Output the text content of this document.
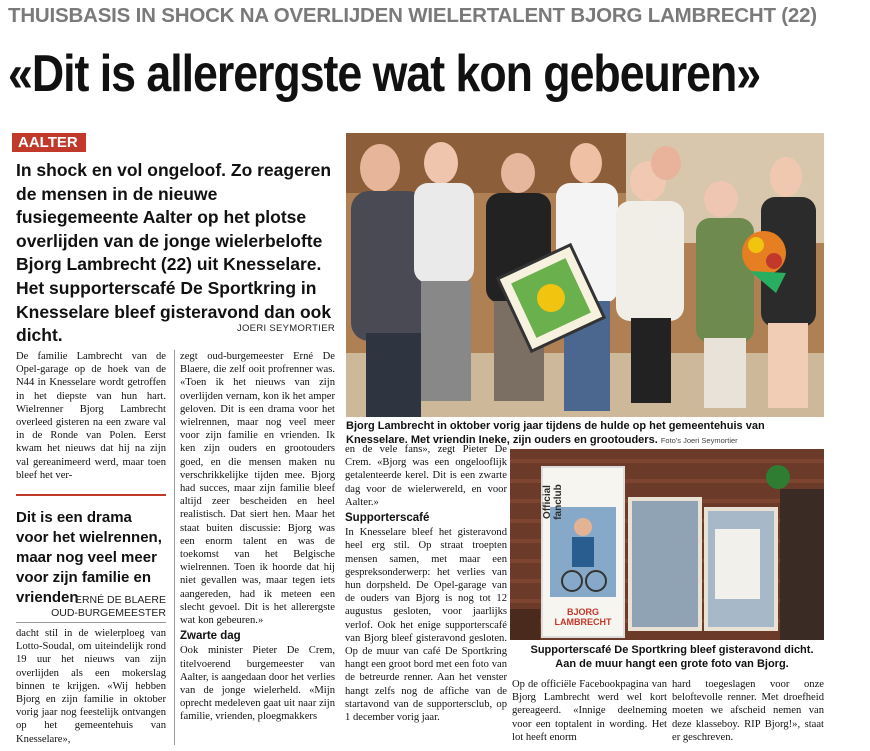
THUISBASIS IN SHOCK NA OVERLIJDEN WIELERTALENT BJORG LAMBRECHT (22)
«Dit is allerergste wat kon gebeuren»
AALTER
In shock en vol ongeloof. Zo reageren de mensen in de nieuwe fusiegemeente Aalter op het plotse overlijden van de jonge wielerbelofte Bjorg Lambrecht (22) uit Knesselare. Het supporterscafé De Sportkring in Knesselare bleef gisteravond dan ook dicht.	JOERI SEYMORTIER
De familie Lambrecht van de Opel-garage op de hoek van de N44 in Knesselare wordt getroffen in het diepste van hun hart. Wielrenner Bjorg Lambrecht overleed gisteren na een zware val in de Ronde van Polen. Eerst kwam het nieuws dat hij na zijn val gereanimeerd werd, maar toen bleef het ver-
Dit is een drama voor het wielrennen, maar nog veel meer voor zijn familie en vrienden
ERNÉ DE BLAERE
OUD-BURGEMEESTER
dacht stil in de wielerploeg van Lotto-Soudal, om uiteindelijk rond 19 uur het nieuws van zijn overlijden als een mokerslag binnen te krijgen. «Wij hebben Bjorg en zijn familie in oktober vorig jaar nog feestelijk ontvangen op het gemeentehuis van Knesselare»,
zegt oud-burgemeester Erné De Blaere, die zelf ooit profrenner was. «Toen ik het nieuws van zijn overlijden vernam, kon ik het amper geloven. Dit is een drama voor het wielrennen, maar nog veel meer voor zijn familie en vrienden. Ik ken zijn ouders en grootouders goed, en die mensen maken nu verschrikkelijke tijden mee. Bjorg had succes, maar zijn familie bleef altijd zeer bescheiden en heel realistisch. Dat siert hen. Maar het staat buiten discussie: Bjorg was een enorm talent en was de toekomst van het Belgische wielrennen. Toen ik hoorde dat hij niet gevallen was, maar tegen iets aangereden, had ik meteen een slecht gevoel. Dit is het allerergste wat kon gebeuren.»
Zwarte dag
Ook minister Pieter De Crem, titelvoerend burgemeester van Aalter, is aangedaan door het verlies van de jonge wielerheld. «Mijn oprecht medeleven gaat uit naar zijn familie, vrienden, ploegmakkers
en de vele fans», zegt Pieter De Crem. «Bjorg was een ongelooflijk getalenteerde kerel. Dit is een zwarte dag voor de wielerwereld, en voor Aalter.»
Supporterscafé
In Knesselare bleef het gisteravond heel erg stil. Op straat troepten mensen samen, met maar een gespreksonderwerp: het verlies van hun dorpsheld. De Opel-garage van de ouders van Bjorg is nog tot 12 augustus gesloten, voor jaarlijks verlof. Ook het enige supporterscafé van Bjorg bleef gisteravond gesloten. Op de muur van café De Sportkring hangt een groot bord met een foto van de betreurde renner. Aan het venster hangt zelfs nog de affiche van de startavond van de supportersclub, op 1 december vorig jaar.
Bjorg Lambrecht in oktober vorig jaar tijdens de hulde op het gemeentehuis van Knesselare. Met vriendin Ineke, zijn ouders en grootouders. Foto's Joeri Seymortier
Official fanclub
BJORG LAMBRECHT
Supporterscafé De Sportkring bleef gisteravond dicht. Aan de muur hangt een grote foto van Bjorg.
Op de officiële Facebookpagina van Bjorg Lambrecht werd wel kort gereageerd. «Innige deelneming voor een toptalent in wording. Het lot heeft enorm
hard toegeslagen voor onze beloftevolle renner. Met droefheid moeten we afscheid nemen van deze klasseboy. RIP Bjorg!», staat er geschreven.
